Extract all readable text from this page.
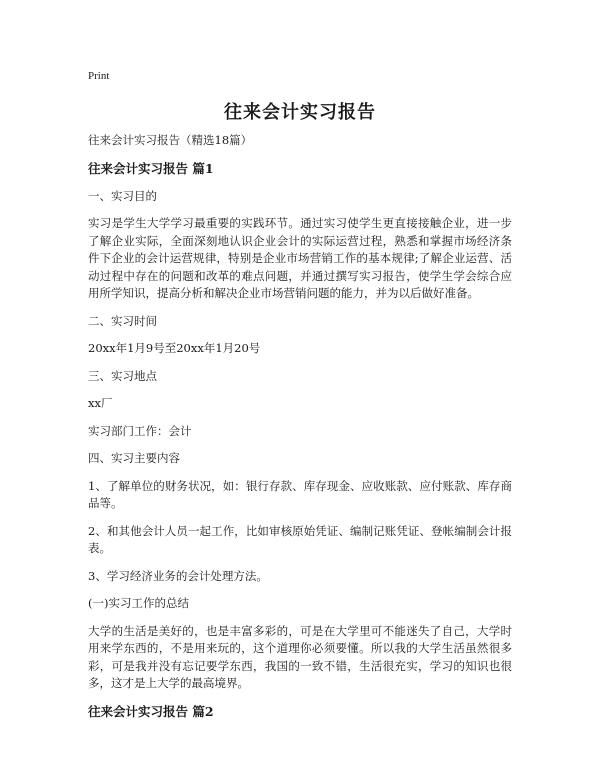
Print
往来会计实习报告

往来会计实习报告（精选18篇）

往来会计实习报告 篇1

一、实习目的

实习是学生大学学习最重要的实践环节。通过实习使学生更直接接触企业，进一步了解企业实际，全面深刻地认识企业会计的实际运营过程，熟悉和掌握市场经济条件下企业的会计运营规律，特别是企业市场营销工作的基本规律;了解企业运营、活动过程中存在的问题和改革的难点问题，并通过撰写实习报告，使学生学会综合应用所学知识，提高分析和解决企业市场营销问题的能力，并为以后做好准备。

二、实习时间

20xx年1月9号至20xx年1月20号

三、实习地点

xx厂

实习部门工作：会计

四、实习主要内容

1、了解单位的财务状况，如：银行存款、库存现金、应收账款、应付账款、库存商品等。

2、和其他会计人员一起工作，比如审核原始凭证、编制记账凭证、登帐编制会计报表。

3、学习经济业务的会计处理方法。

(一)实习工作的总结

大学的生活是美好的，也是丰富多彩的，可是在大学里可不能迷失了自己，大学时用来学东西的，不是用来玩的，这个道理你必须要懂。所以我的大学生活虽然很多彩，可是我并没有忘记要学东西，我国的一致不错，生活很充实，学习的知识也很多，这才是上大学的最高境界。

往来会计实习报告 篇2
